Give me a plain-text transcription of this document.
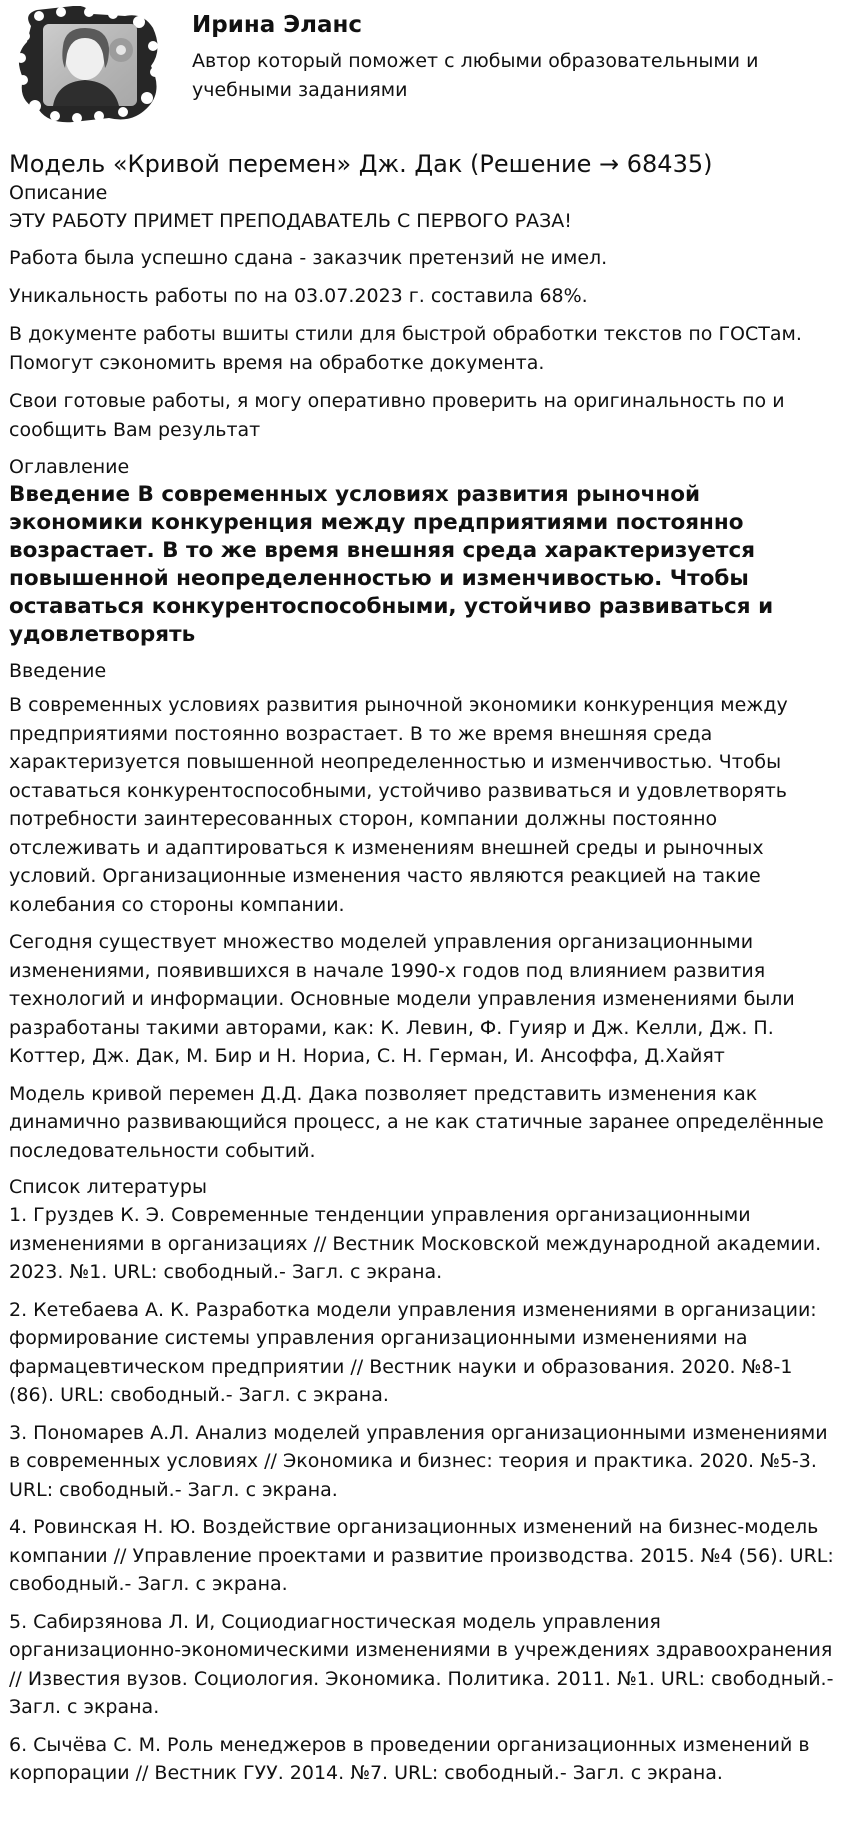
Ирина Эланс

Автор который поможет с любыми образовательными и учебными заданиями

Модель «Кривой перемен» Дж. Дак (Решение → 68435)
Описание

ЭТУ РАБОТУ ПРИМЕТ ПРЕПОДАВАТЕЛЬ С ПЕРВОГО РАЗА!

Работа была успешно сдана - заказчик претензий не имел.

Уникальность работы по на 03.07.2023 г. составила 68%.

В документе работы вшиты стили для быстрой обработки текстов по ГОСТам. Помогут сэкономить время на обработке документа.

Свои готовые работы, я могу оперативно проверить на оригинальность по и сообщить Вам результат

Оглавление
Введение В современных условиях развития рыночной экономики конкуренция между предприятиями постоянно возрастает. В то же время внешняя среда характеризуется повышенной неопределенностью и изменчивостью. Чтобы оставаться конкурентоспособными, устойчиво развиваться и удовлетворять
Введение

В современных условиях развития рыночной экономики конкуренция между предприятиями постоянно возрастает. В то же время внешняя среда характеризуется повышенной неопределенностью и изменчивостью. Чтобы оставаться конкурентоспособными, устойчиво развиваться и удовлетворять потребности заинтересованных сторон, компании должны постоянно отслеживать и адаптироваться к изменениям внешней среды и рыночных условий. Организационные изменения часто являются реакцией на такие колебания со стороны компании.

Сегодня существует множество моделей управления организационными изменениями, появившихся в начале 1990-х годов под влиянием развития технологий и информации. Основные модели управления изменениями были разработаны такими авторами, как: К. Левин, Ф. Гуияр и Дж. Келли, Дж. П. Коттер, Дж. Дак, М. Бир и Н. Нориа, С. Н. Герман, И. Ансоффа, Д.Хайят

Модель кривой перемен Д.Д. Дака позволяет представить изменения как динамично развивающийся процесс, а не как статичные заранее определённые последовательности событий.

Список литературы

1. Груздев К. Э. Современные тенденции управления организационными изменениями в организациях // Вестник Московской международной академии. 2023. №1. URL: свободный.- Загл. с экрана.

2. Кетебаева А. К. Разработка модели управления изменениями в организации: формирование системы управления организационными изменениями на фармацевтическом предприятии // Вестник науки и образования. 2020. №8-1 (86). URL: свободный.- Загл. с экрана.

3. Пономарев А.Л. Анализ моделей управления организационными изменениями в современных условиях // Экономика и бизнес: теория и практика. 2020. №5-3. URL: свободный.- Загл. с экрана.

4. Ровинская Н. Ю. Воздействие организационных изменений на бизнес-модель компании // Управление проектами и развитие производства. 2015. №4 (56). URL: свободный.- Загл. с экрана.

5. Сабирзянова Л. И, Социодиагностическая модель управления организационно-экономическими изменениями в учреждениях здравоохранения // Известия вузов. Социология. Экономика. Политика. 2011. №1. URL: свободный.- Загл. с экрана.

6. Сычёва С. М. Роль менеджеров в проведении организационных изменений в корпорации // Вестник ГУУ. 2014. №7. URL: свободный.- Загл. с экрана.
